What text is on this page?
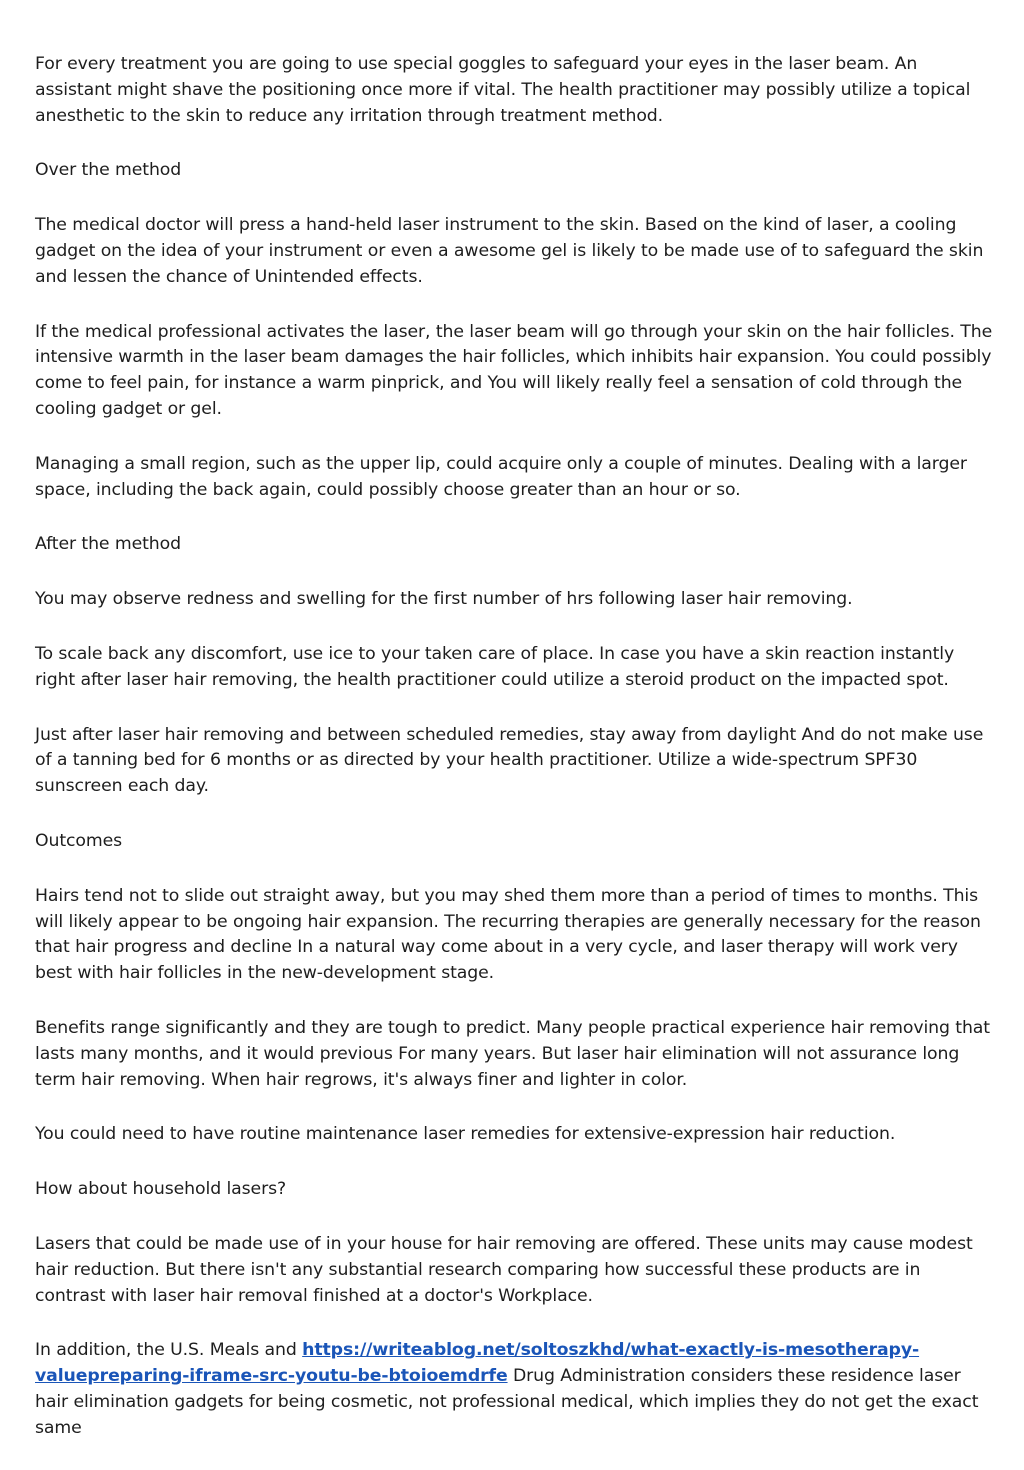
For every treatment you are going to use special goggles to safeguard your eyes in the laser beam. An assistant might shave the positioning once more if vital. The health practitioner may possibly utilize a topical anesthetic to the skin to reduce any irritation through treatment method.

Over the method

The medical doctor will press a hand-held laser instrument to the skin. Based on the kind of laser, a cooling gadget on the idea of your instrument or even a awesome gel is likely to be made use of to safeguard the skin and lessen the chance of Unintended effects.

If the medical professional activates the laser, the laser beam will go through your skin on the hair follicles. The intensive warmth in the laser beam damages the hair follicles, which inhibits hair expansion. You could possibly come to feel pain, for instance a warm pinprick, and You will likely really feel a sensation of cold through the cooling gadget or gel.

Managing a small region, such as the upper lip, could acquire only a couple of minutes. Dealing with a larger space, including the back again, could possibly choose greater than an hour or so.

After the method

You may observe redness and swelling for the first number of hrs following laser hair removing.

To scale back any discomfort, use ice to your taken care of place. In case you have a skin reaction instantly right after laser hair removing, the health practitioner could utilize a steroid product on the impacted spot.

Just after laser hair removing and between scheduled remedies, stay away from daylight And do not make use of a tanning bed for 6 months or as directed by your health practitioner. Utilize a wide-spectrum SPF30 sunscreen each day.

Outcomes

Hairs tend not to slide out straight away, but you may shed them more than a period of times to months. This will likely appear to be ongoing hair expansion. The recurring therapies are generally necessary for the reason that hair progress and decline In a natural way come about in a very cycle, and laser therapy will work very best with hair follicles in the new-development stage.

Benefits range significantly and they are tough to predict. Many people practical experience hair removing that lasts many months, and it would previous For many years. But laser hair elimination will not assurance long term hair removing. When hair regrows, it's always finer and lighter in color.

You could need to have routine maintenance laser remedies for extensive-expression hair reduction.

How about household lasers?

Lasers that could be made use of in your house for hair removing are offered. These units may cause modest hair reduction. But there isn't any substantial research comparing how successful these products are in contrast with laser hair removal finished at a doctor's Workplace.

In addition, the U.S. Meals and https://writeablog.net/soltoszkhd/what-exactly-is-mesotherapy-valuepreparing-iframe-src-youtu-be-btoioemdrfe Drug Administration considers these residence laser hair elimination gadgets for being cosmetic, not professional medical, which implies they do not get the exact same
